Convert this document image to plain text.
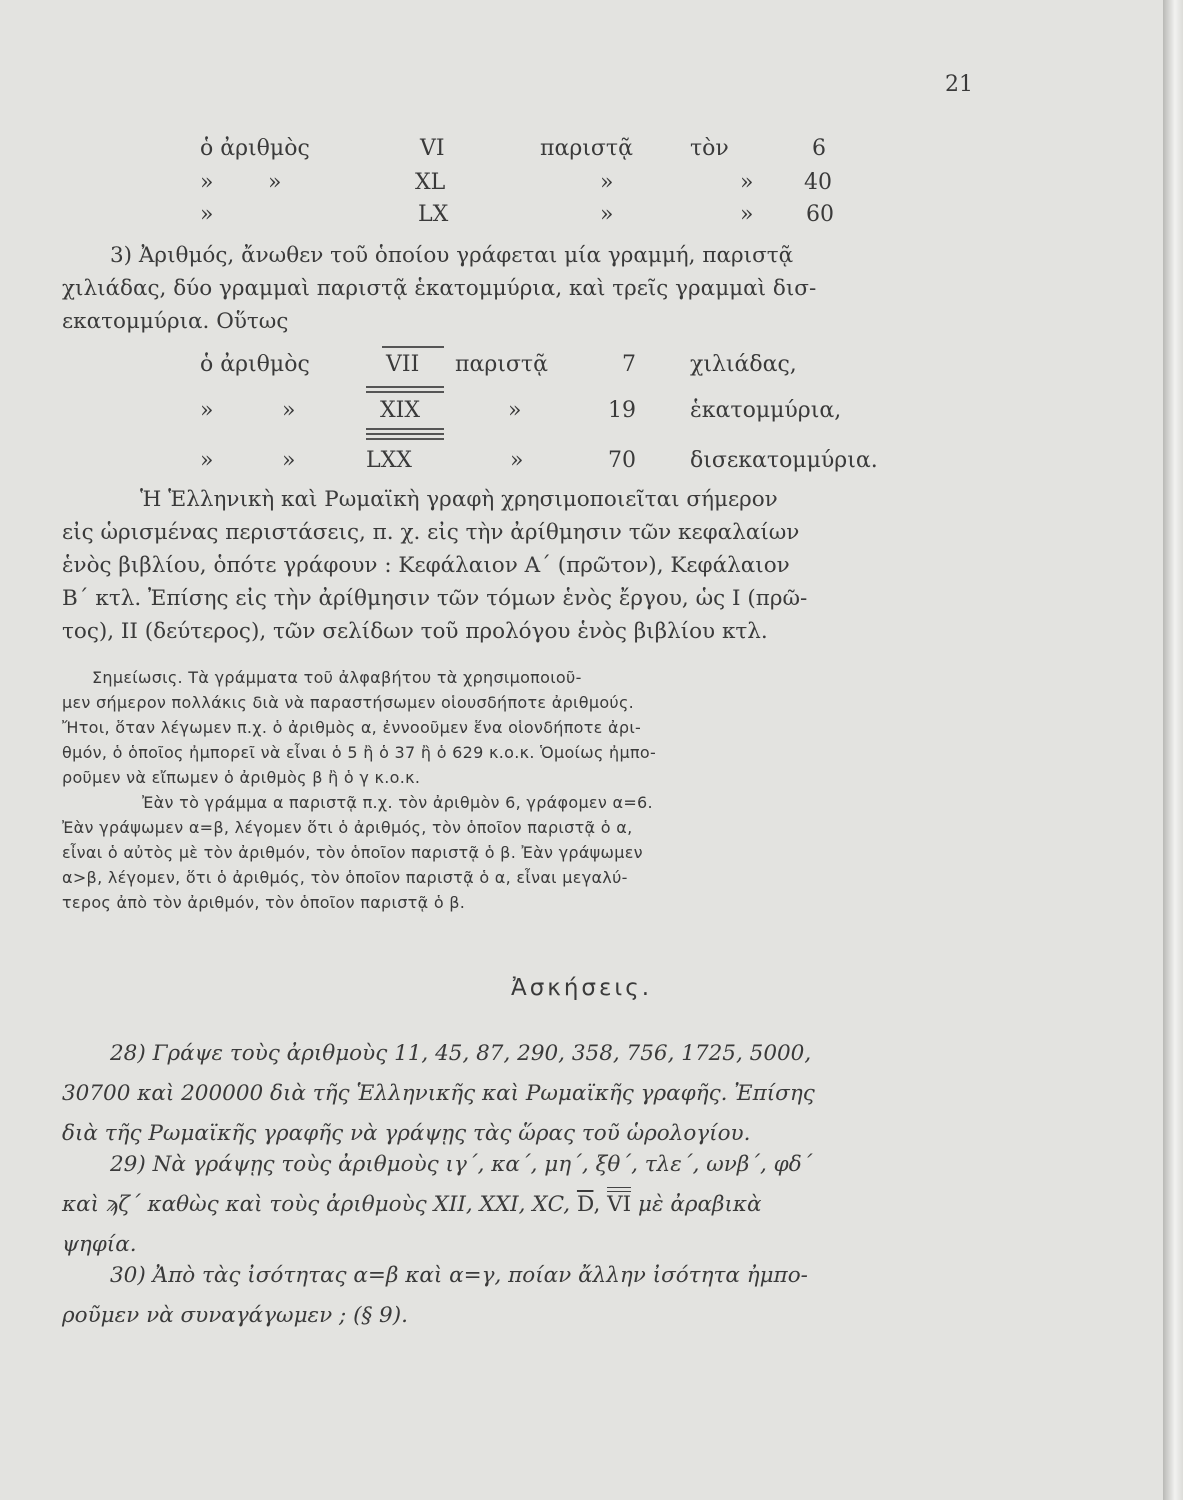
21
ὁ ἀριθμὸς	VI	παριστᾷ	τὸν	6
» »	XL	»	» 40
»	LX	»	» 60
3) Ἀριθμός, ἄνωθεν τοῦ ὁποίου γράφεται μία γραμμή, παριστᾷ
χιλιάδας, δύο γραμμαὶ παριστᾷ ἑκατομμύρια, καὶ τρεῖς γραμμαὶ δισ-
εκατομμύρια. Οὕτως
ὁ ἀριθμὸς	VII παριστᾷ	7 χιλιάδας,
»	»	XIX	»	19 ἑκατομμύρια,
»	»	LXX	»	70 δισεκατομμύρια.
Ἡ Ἑλληνικὴ καὶ Ρωμαϊκὴ γραφὴ χρησιμοποιεῖται σήμερον
εἰς ὡρισμένας περιστάσεις, π. χ. εἰς τὴν ἀρίθμησιν τῶν κεφαλαίων
ἑνὸς βιβλίου, ὁπότε γράφουν : Κεφάλαιον Α΄ (πρῶτον), Κεφάλαιον
Β΄ κτλ. Ἐπίσης εἰς τὴν ἀρίθμησιν τῶν τόμων ἑνὸς ἔργου, ὡς Ι (πρῶ-
τος), ΙΙ (δεύτερος), τῶν σελίδων τοῦ προλόγου ἑνὸς βιβλίου κτλ.
Σημείωσις. Τὰ γράμματα τοῦ ἀλφαβήτου τὰ χρησιμοποιοῦ-
μεν σήμερον πολλάκις διὰ νὰ παραστήσωμεν οἱουσδήποτε ἀριθμούς.
Ἤτοι, ὅταν λέγωμεν π.χ. ὁ ἀριθμὸς α, ἐννοοῦμεν ἕνα οἱονδήποτε ἀρι-
θμόν, ὁ ὁποῖος ἠμπορεῖ νὰ εἶναι ὁ 5 ἢ ὁ 37 ἢ ὁ 629 κ.ο.κ. Ὁμοίως ἠμπο-
ροῦμεν νὰ εἴπωμεν ὁ ἀριθμὸς β ἢ ὁ γ κ.ο.κ.
Ἐὰν τὸ γράμμα α παριστᾷ π.χ. τὸν ἀριθμὸν 6, γράφομεν α=6.
Ἐὰν γράψωμεν α=β, λέγομεν ὅτι ὁ ἀριθμός, τὸν ὁποῖον παριστᾷ ὁ α,
εἶναι ὁ αὐτὸς μὲ τὸν ἀριθμόν, τὸν ὁποῖον παριστᾷ ὁ β. Ἐὰν γράψωμεν
α>β, λέγομεν, ὅτι ὁ ἀριθμός, τὸν ὁποῖον παριστᾷ ὁ α, εἶναι μεγαλύ-
τερος ἀπὸ τὸν ἀριθμόν, τὸν ὁποῖον παριστᾷ ὁ β.
Ἀσκήσεις.
28) Γράψε τοὺς ἀριθμοὺς 11, 45, 87, 290, 358, 756, 1725, 5000,
30700 καὶ 200000 διὰ τῆς Ἑλληνικῆς καὶ Ρωμαϊκῆς γραφῆς. Ἐπίσης
διὰ τῆς Ρωμαϊκῆς γραφῆς νὰ γράψῃς τὰς ὥρας τοῦ ὡρολογίου.
29) Νὰ γράψῃς τοὺς ἀριθμοὺς ιγ΄, κα΄, μη΄, ξθ΄, τλε΄, ωνβ΄, φδ΄
καὶ ϡζ΄ καθὼς καὶ τοὺς ἀριθμοὺς ΧΙΙ, ΧΧΙ, ΧC, $\overline{D}$, VI μὲ ἀραβικὰ
ψηφία.
30) Ἀπὸ τὰς ἰσότητας α=β καὶ α=γ, ποίαν ἄλλην ἰσότητα ἠμπο-
ροῦμεν νὰ συναγάγωμεν ; (§ 9).
